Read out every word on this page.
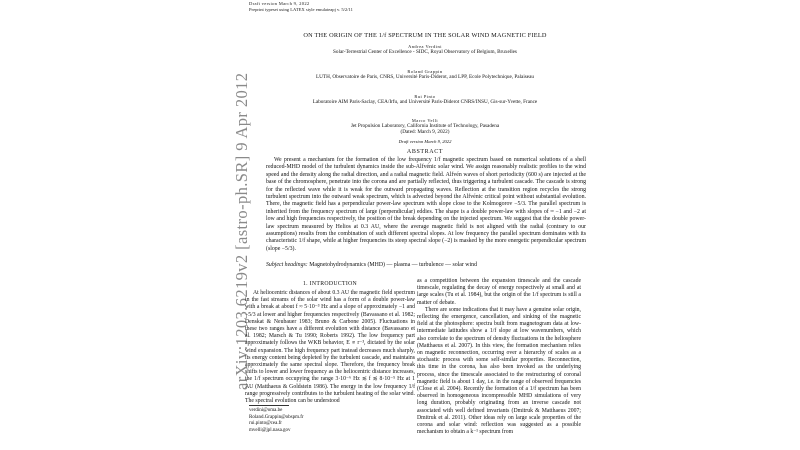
Draft version March 9, 2022
Preprint typeset using LATEX style emulateapj v. 5/2/11
arXiv:1203.6219v2 [astro-ph.SR] 9 Apr 2012
ON THE ORIGIN OF THE 1/f SPECTRUM IN THE SOLAR WIND MAGNETIC FIELD
Andrea Verdini
Solar-Terrestrial Center of Excellence - SIDC, Royal Observatory of Belgium, Bruxelles
Roland Grappin
LUTH, Observatoire de Paris, CNRS, Université Paris-Diderot, and LPP, Ecole Polytechnique, Palaiseau
Rui Pinto
Laboratoire AIM Paris-Saclay, CEA/Irfu, and Université Paris-Diderot CNRS/INSU, Gis-sur-Yvette, France
Marco Velli
Jet Propulsion Laboratory, California Institute of Technology, Pasadena
(Dated: March 9, 2022)
Draft version March 9, 2022
ABSTRACT
We present a mechanism for the formation of the low frequency 1/f magnetic spectrum based on numerical solutions of a shell reduced-MHD model of the turbulent dynamics inside the sub-Alfvénic solar wind. We assign reasonably realistic profiles to the wind speed and the density along the radial direction, and a radial magnetic field. Alfvén waves of short periodicity (600 s) are injected at the base of the chromosphere, penetrate into the corona and are partially reflected, thus triggering a turbulent cascade. The cascade is strong for the reflected wave while it is weak for the outward propagating waves. Reflection at the transition region recycles the strong turbulent spectrum into the outward weak spectrum, which is advected beyond the Alfvénic critical point without substantial evolution. There, the magnetic field has a perpendicular power-law spectrum with slope close to the Kolmogorov −5/3. The parallel spectrum is inherited from the frequency spectrum of large (perpendicular) eddies. The shape is a double power-law with slopes of ≈ −1 and −2 at low and high frequencies respectively, the position of the break depending on the injected spectrum. We suggest that the double power-law spectrum measured by Helios at 0.3 AU, where the average magnetic field is not aligned with the radial (contrary to our assumptions) results from the combination of such different spectral slopes. At low frequency the parallel spectrum dominates with its characteristic 1/f shape, while at higher frequencies its steep spectral slope (−2) is masked by the more energetic perpendicular spectrum (slope −5/3).
Subject headings: Magnetohydrodynamics (MHD) — plasma — turbulence — solar wind
1. INTRODUCTION

At heliocentric distances of about 0.3 AU the magnetic field spectrum in the fast streams of the solar wind has a form of a double power-law with a break at about f ≈ 5·10⁻³ Hz and a slope of approximately −1 and −5/3 at lower and higher frequencies respectively (Bavassano et al. 1982; Denskat & Neubauer 1983; Bruno & Carbone 2005). Fluctuations in these two ranges have a different evolution with distance (Bavassano et al. 1982; Marsch & Tu 1990; Roberts 1992). The low frequency part approximately follows the WKB behavior, E ∝ r⁻³, dictated by the solar wind expansion. The high frequency part instead decreases much sharply, its energy content being depleted by the turbulent cascade, and maintains approximately the same spectral slope. Therefore, the frequency break shifts to lower and lower frequency as the heliocentric distance increases, the 1/f spectrum occupying the range 3·10⁻⁶ Hz ≲ f ≲ 8·10⁻⁵ Hz at 1 AU (Matthaeus & Goldstein 1986). The energy in the low frequency 1/f range progressively contributes to the turbulent heating of the solar wind. The spectral evolution can be understood

as a competition between the expansion timescale and the cascade timescale, regulating the decay of energy respectively at small and at large scales (Tu et al. 1984), but the origin of the 1/f spectrum is still a matter of debate.

There are some indications that it may have a genuine solar origin, reflecting the emergence, cancellation, and sinking of the magnetic field at the photosphere: spectra built from magnetogram data at low-intermediate latitudes show a 1/f slope at low wavenumbers, which also correlate to the spectrum of density fluctuations in the heliosphere (Matthaeus et al. 2007). In this view, the formation mechanism relies on magnetic reconnection, occurring over a hierarchy of scales as a stochastic process with some self-similar properties. Reconnection, this time in the corona, has also been invoked as the underlying process, since the timescale associated to the restructuring of coronal magnetic field is about 1 day, i.e. in the range of observed frequencies (Close et al. 2004). Recently the formation of a 1/f spectrum has been observed in homogeneous incompressible MHD simulations of very long duration, probably originating from an inverse cascade not associated with well defined invariants (Dmitruk & Matthaeus 2007; Dmitruk et al. 2011). Other ideas rely on large scale properties of the corona and solar wind: reflection was suggested as a possible mechanism to obtain a k⁻¹ spectrum from

verdini@oma.be
Roland.Grappin@obspm.fr
rui.pinto@cea.fr
mvelli@jpl.nasa.gov
